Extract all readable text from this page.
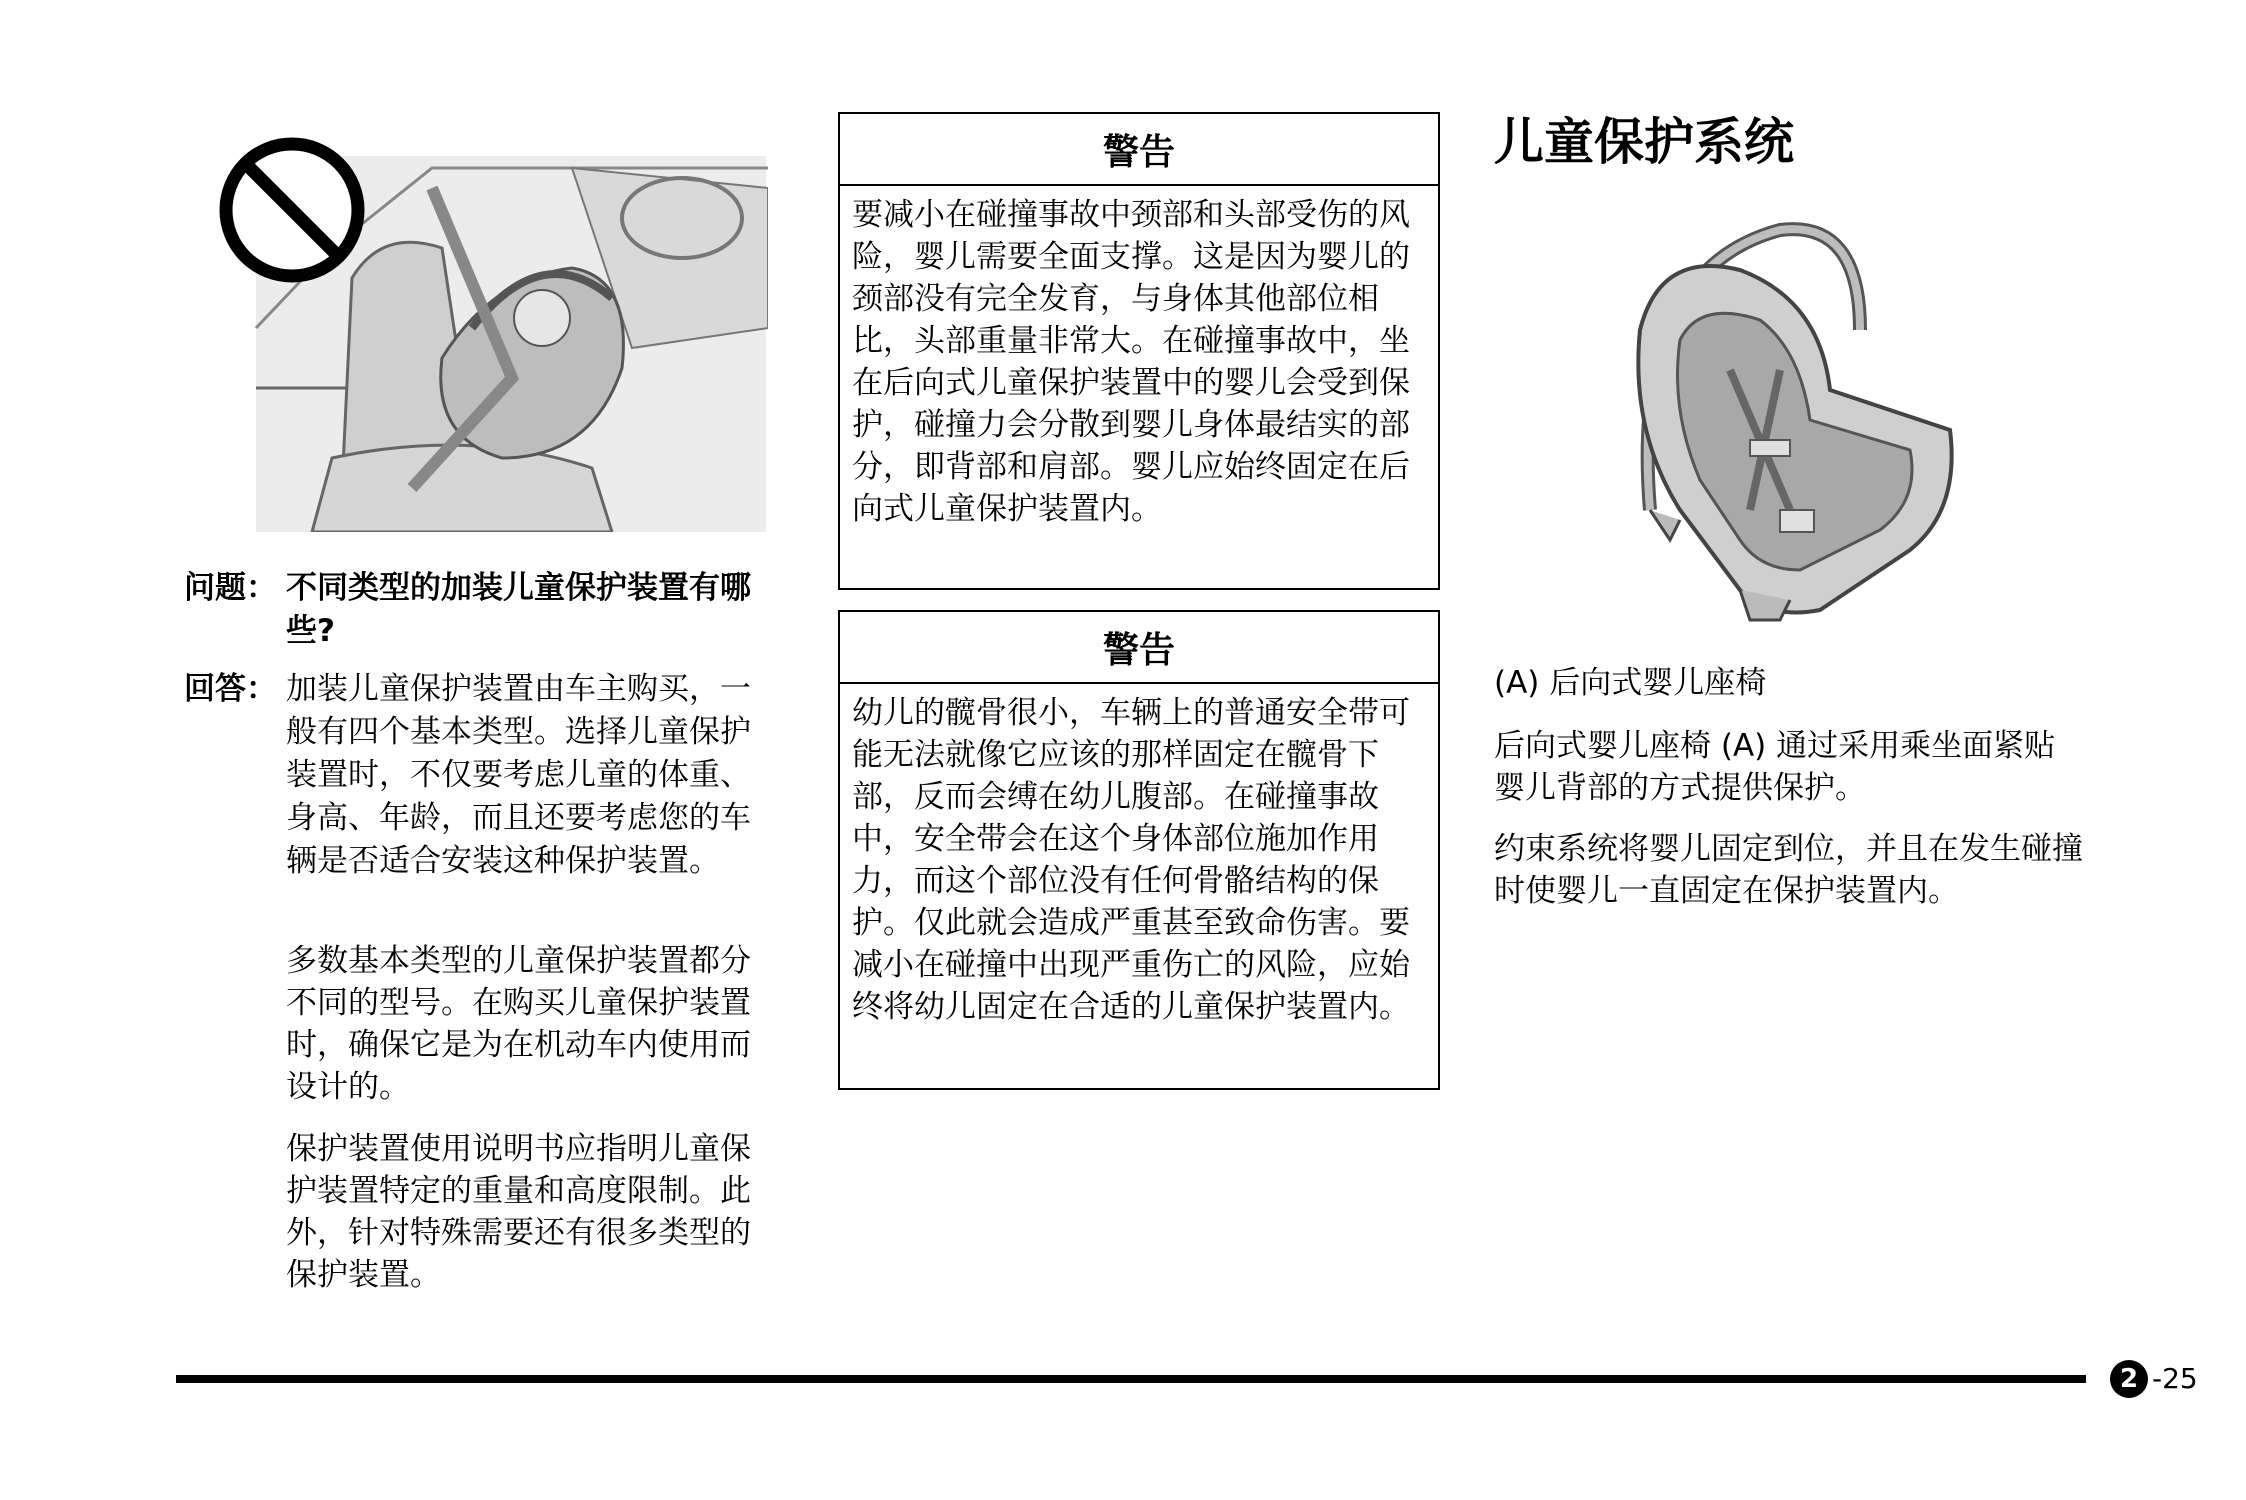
问题： 不同类型的加装儿童保护装置有哪些?
回答： 加装儿童保护装置由车主购买，一般有四个基本类型。选择儿童保护装置时，不仅要考虑儿童的体重、身高、年龄，而且还要考虑您的车辆是否适合安装这种保护装置。
多数基本类型的儿童保护装置都分不同的型号。在购买儿童保护装置时，确保它是为在机动车内使用而设计的。
保护装置使用说明书应指明儿童保护装置特定的重量和高度限制。此外，针对特殊需要还有很多类型的保护装置。
警告
要减小在碰撞事故中颈部和头部受伤的风险，婴儿需要全面支撑。这是因为婴儿的颈部没有完全发育，与身体其他部位相比，头部重量非常大。在碰撞事故中，坐在后向式儿童保护装置中的婴儿会受到保护，碰撞力会分散到婴儿身体最结实的部分，即背部和肩部。婴儿应始终固定在后向式儿童保护装置内。
警告
幼儿的髋骨很小，车辆上的普通安全带可能无法就像它应该的那样固定在髋骨下部，反而会缚在幼儿腹部。在碰撞事故中，安全带会在这个身体部位施加作用力，而这个部位没有任何骨骼结构的保护。仅此就会造成严重甚至致命伤害。要减小在碰撞中出现严重伤亡的风险，应始终将幼儿固定在合适的儿童保护装置内。
儿童保护系统
(A) 后向式婴儿座椅
后向式婴儿座椅 (A) 通过采用乘坐面紧贴婴儿背部的方式提供保护。
约束系统将婴儿固定到位，并且在发生碰撞时使婴儿一直固定在保护装置内。
2 -25
